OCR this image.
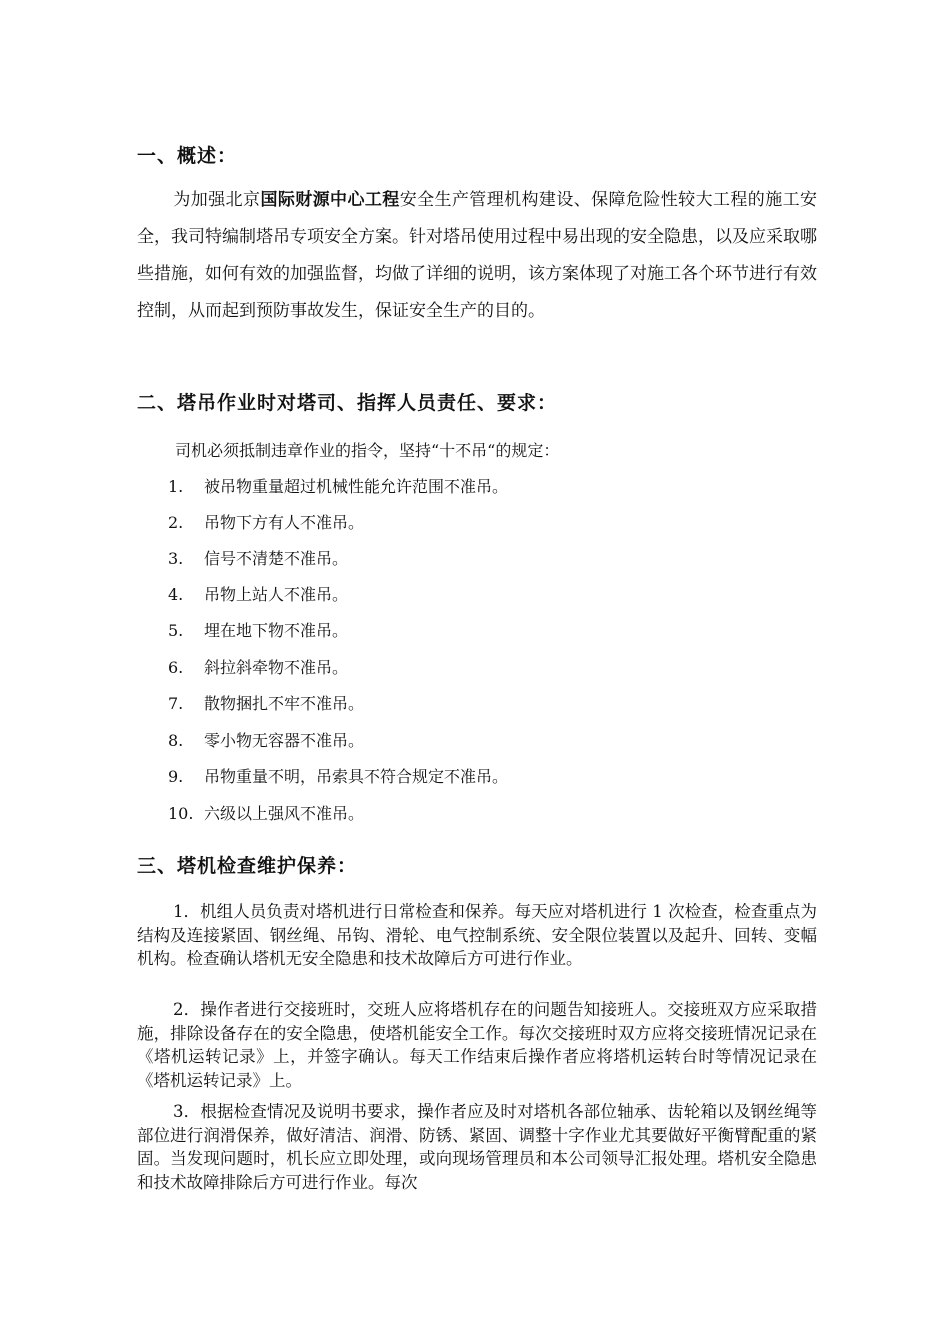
一、概述：
为加强北京国际财源中心工程安全生产管理机构建设、保障危险性较大工程的施工安全，我司特编制塔吊专项安全方案。针对塔吊使用过程中易出现的安全隐患，以及应采取哪些措施，如何有效的加强监督，均做了详细的说明，该方案体现了对施工各个环节进行有效控制，从而起到预防事故发生，保证安全生产的目的。
二、塔吊作业时对塔司、指挥人员责任、要求：
司机必须抵制违章作业的指令，坚持“十不吊“的规定：
1. 被吊物重量超过机械性能允许范围不准吊。
2. 吊物下方有人不准吊。
3. 信号不清楚不准吊。
4. 吊物上站人不准吊。
5. 埋在地下物不准吊。
6. 斜拉斜牵物不准吊。
7. 散物捆扎不牢不准吊。
8. 零小物无容器不准吊。
9. 吊物重量不明，吊索具不符合规定不准吊。
10. 六级以上强风不准吊。
三、塔机检查维护保养：
1．机组人员负责对塔机进行日常检查和保养。每天应对塔机进行 1 次检查，检查重点为结构及连接紧固、钢丝绳、吊钩、滑轮、电气控制系统、安全限位装置以及起升、回转、变幅机构。检查确认塔机无安全隐患和技术故障后方可进行作业。
2．操作者进行交接班时，交班人应将塔机存在的问题告知接班人。交接班双方应采取措施，排除设备存在的安全隐患，使塔机能安全工作。每次交接班时双方应将交接班情况记录在《塔机运转记录》上，并签字确认。每天工作结束后操作者应将塔机运转台时等情况记录在《塔机运转记录》上。
3．根据检查情况及说明书要求，操作者应及时对塔机各部位轴承、齿轮箱以及钢丝绳等部位进行润滑保养，做好清洁、润滑、防锈、紧固、调整十字作业尤其要做好平衡臂配重的紧固。当发现问题时，机长应立即处理，或向现场管理员和本公司领导汇报处理。塔机安全隐患和技术故障排除后方可进行作业。每次
